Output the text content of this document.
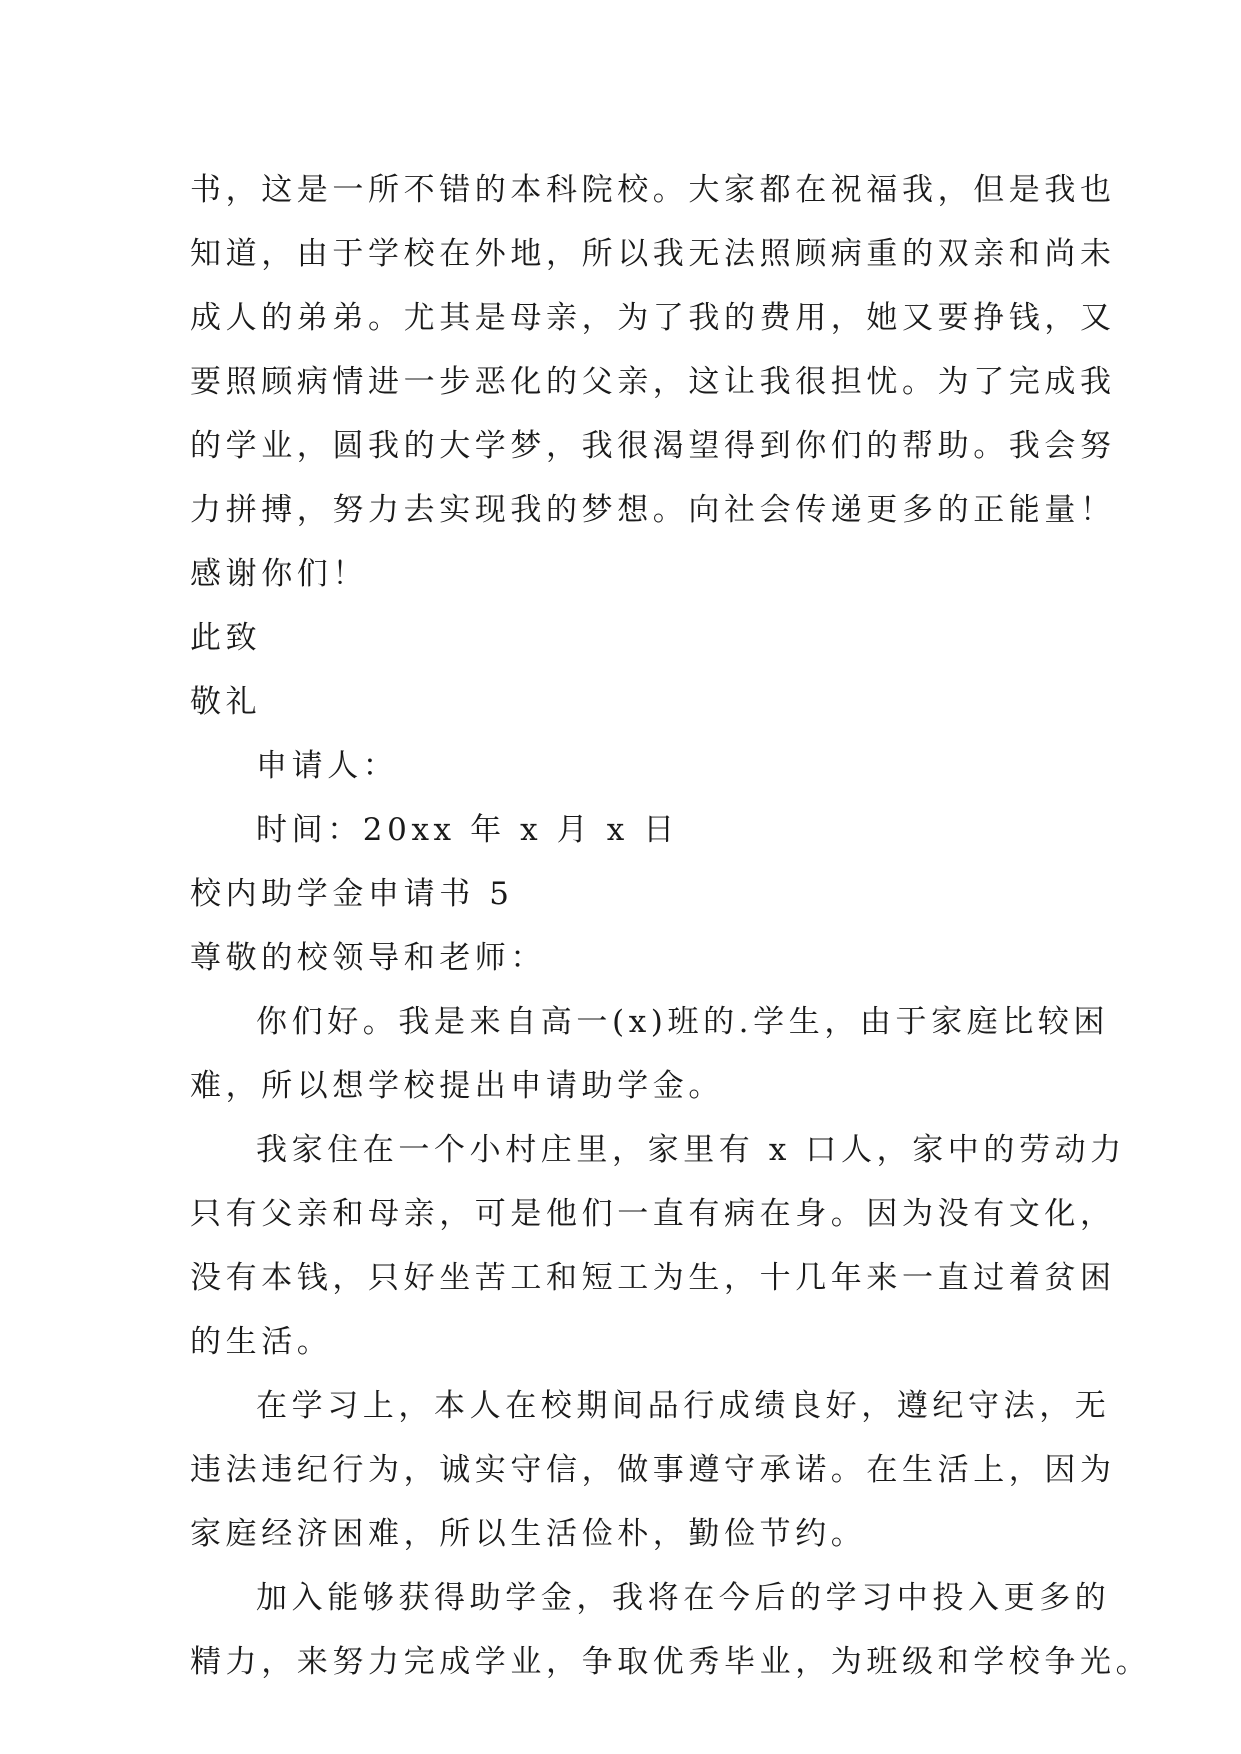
书，这是一所不错的本科院校。大家都在祝福我，但是我也
知道，由于学校在外地，所以我无法照顾病重的双亲和尚未
成人的弟弟。尤其是母亲，为了我的费用，她又要挣钱，又
要照顾病情进一步恶化的父亲，这让我很担忧。为了完成我
的学业，圆我的大学梦，我很渴望得到你们的帮助。我会努
力拼搏，努力去实现我的梦想。向社会传递更多的正能量！
感谢你们！
此致
敬礼
申请人：
时间：20xx 年 x 月 x 日
校内助学金申请书 5
尊敬的校领导和老师：
你们好。我是来自高一(x)班的.学生，由于家庭比较困
难，所以想学校提出申请助学金。
我家住在一个小村庄里，家里有 x 口人，家中的劳动力
只有父亲和母亲，可是他们一直有病在身。因为没有文化，
没有本钱，只好坐苦工和短工为生，十几年来一直过着贫困
的生活。
在学习上，本人在校期间品行成绩良好，遵纪守法，无
违法违纪行为，诚实守信，做事遵守承诺。在生活上，因为
家庭经济困难，所以生活俭朴，勤俭节约。
加入能够获得助学金，我将在今后的学习中投入更多的
精力，来努力完成学业，争取优秀毕业，为班级和学校争光。
